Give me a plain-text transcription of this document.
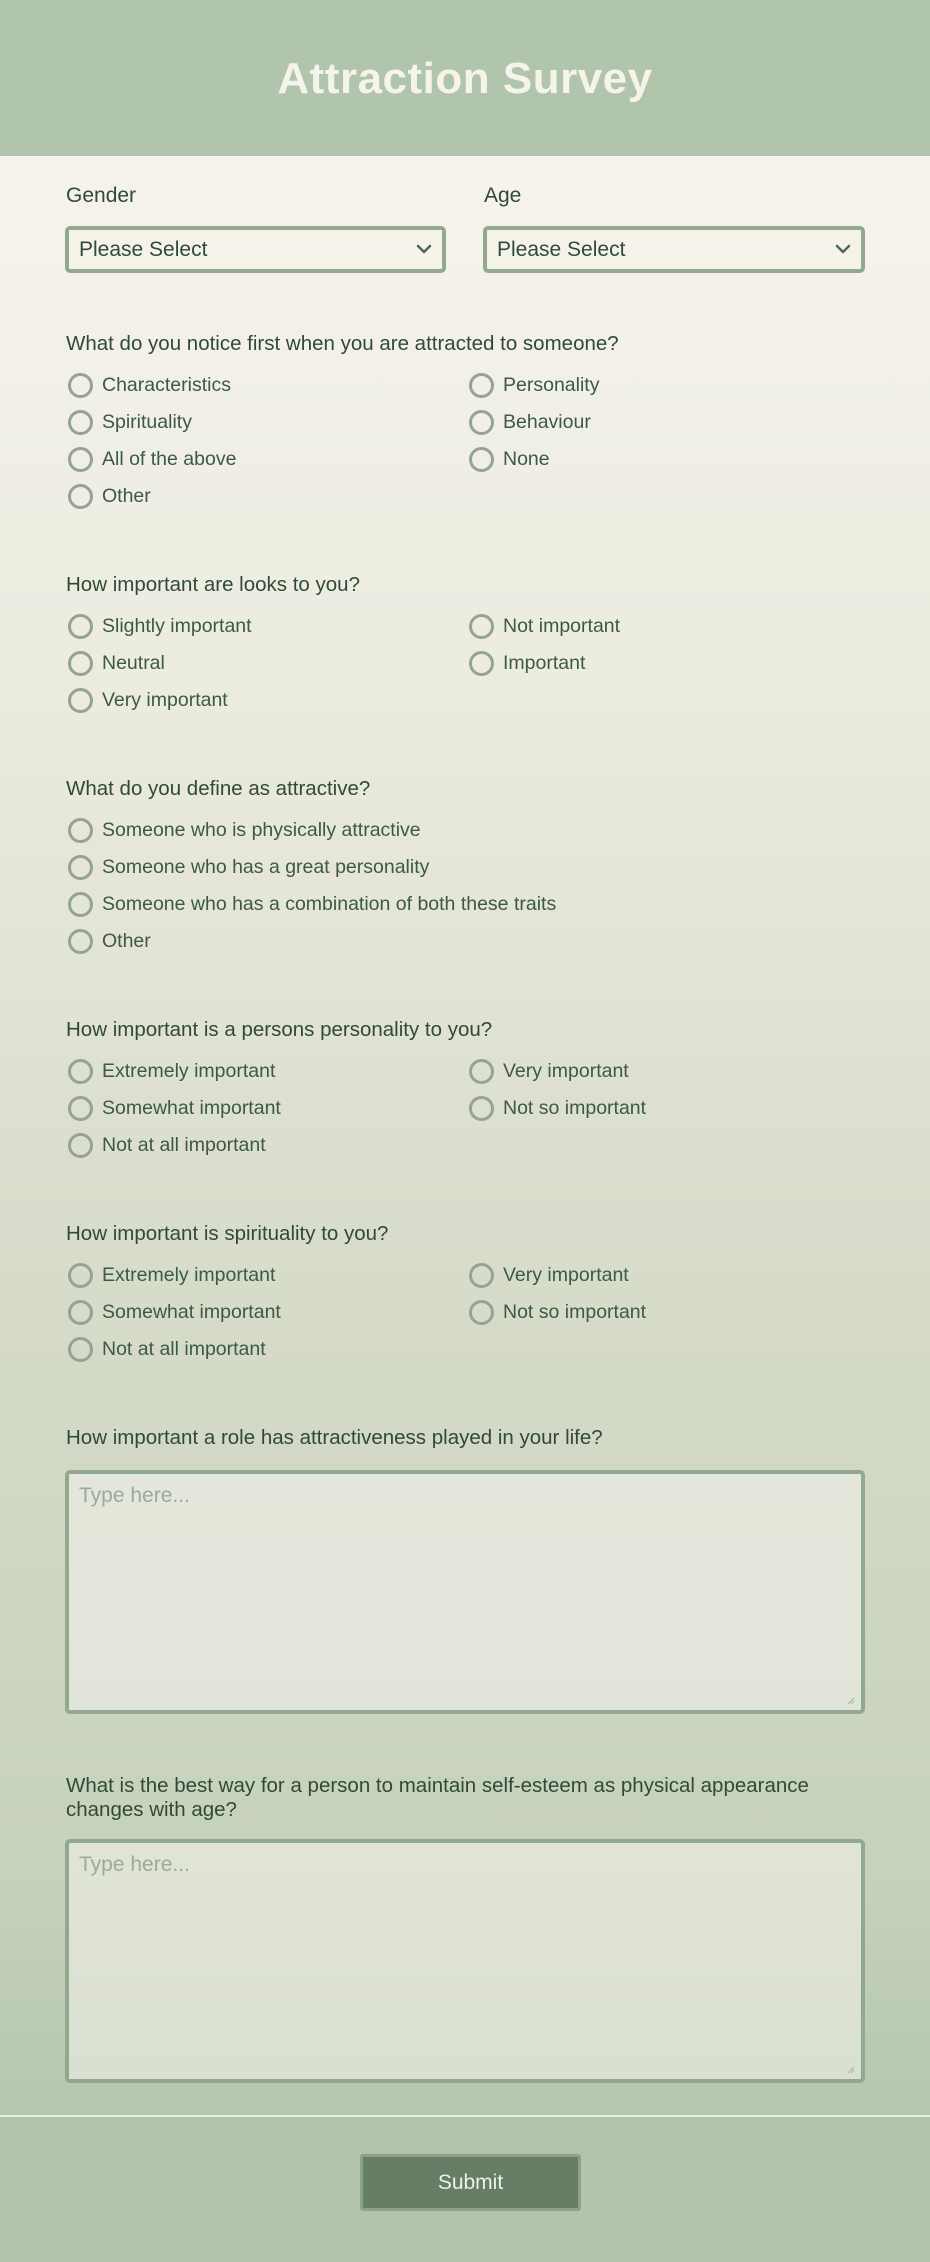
Attraction Survey
Gender
Please Select
Age
Please Select
What do you notice first when you are attracted to someone?
Characteristics	Personality
Spirituality	Behaviour
All of the above	None
Other
How important are looks to you?
Slightly important	Not important
Neutral	Important
Very important
What do you define as attractive?
Someone who is physically attractive
Someone who has a great personality
Someone who has a combination of both these traits
Other
How important is a persons personality to you?
Extremely important	Very important
Somewhat important	Not so important
Not at all important
How important is spirituality to you?
Extremely important	Very important
Somewhat important	Not so important
Not at all important
How important a role has attractiveness played in your life?
Type here...
What is the best way for a person to maintain self-esteem as physical appearance changes with age?
Type here...
Submit
